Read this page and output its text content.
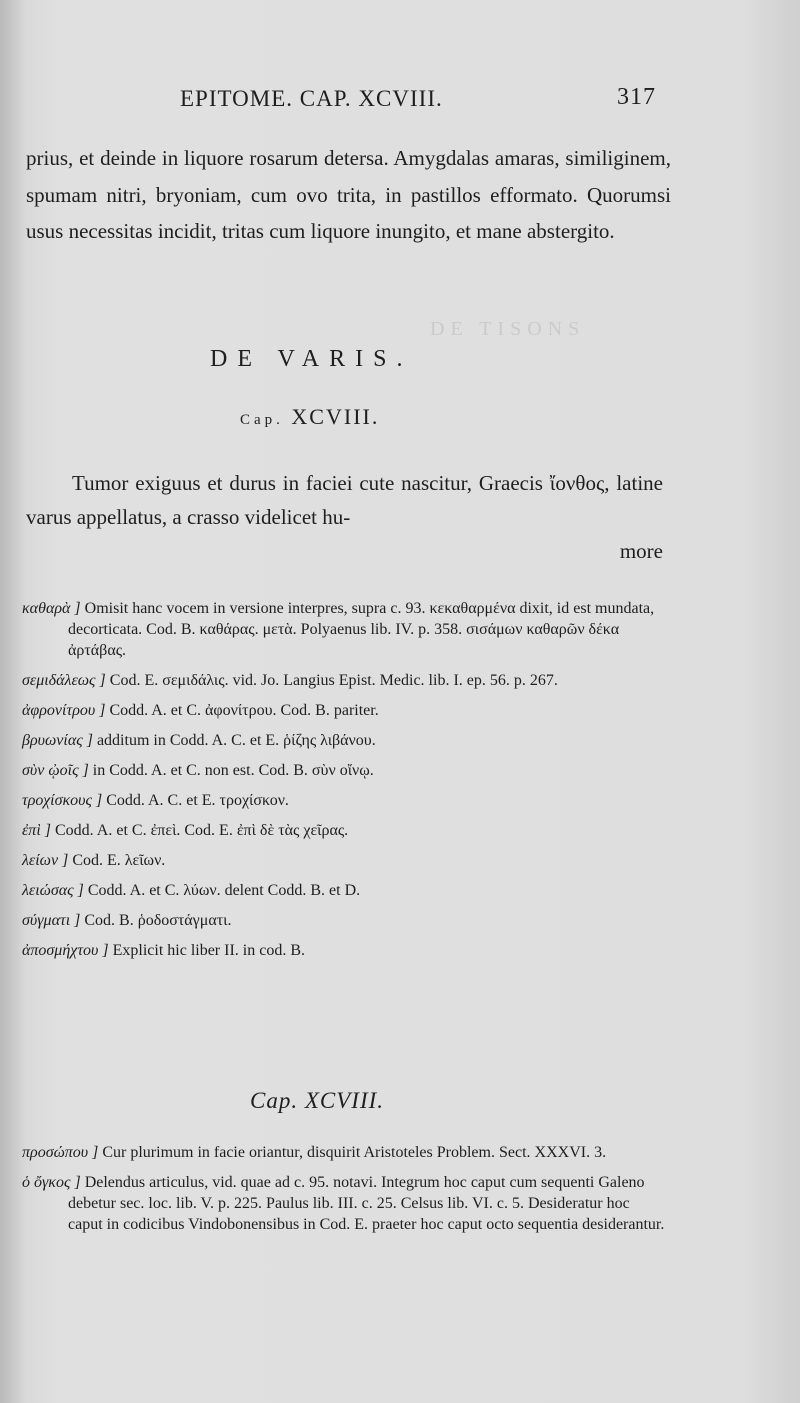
DE TISONS
EPITOME. CAP. XCVIII.	317
prius, et deinde in liquore rosarum detersa. Amygdalas amaras, similiginem, spumam nitri, bryoniam, cum ovo trita, in pastillos efformato. Quorumsi usus necessitas incidit, tritas cum liquore inungito, et mane abstergito.
DE VARIS.
Cap. XCVIII.
Tumor exiguus et durus in faciei cute nascitur, Graecis ἴονθος, latine varus appellatus, a crasso videlicet hu-
more
καθαρὰ ] Omisit hanc vocem in versione interpres, supra c. 93. κεκαθαρμένα dixit, id est mundata, decorticata. Cod. B. καθάρας. μετὰ. Polyaenus lib. IV. p. 358. σισάμων καθαρῶν δέκα ἀρτάβας.
σεμιδάλεως ] Cod. E. σεμιδάλις. vid. Jo. Langius Epist. Medic. lib. I. ep. 56. p. 267.
ἀφρονίτρου ] Codd. A. et C. ἀφονίτρου. Cod. B. pariter.
βρυωνίας ] additum in Codd. A. C. et E. ῥίζης λιβάνου.
σὺν ᾠοῖς ] in Codd. A. et C. non est. Cod. B. σὺν οἴνῳ.
τροχίσκους ] Codd. A. C. et E. τροχίσκον.
ἐπὶ ] Codd. A. et C. ἐπεὶ. Cod. E. ἐπὶ δὲ τὰς χεῖρας.
λείων ] Cod. E. λεῖων.
λειώσας ] Codd. A. et C. λύων. delent Codd. B. et D.
σύγματι ] Cod. B. ῥοδοστάγματι.
ἀποσμήχτου ] Explicit hic liber II. in cod. B.
Cap. XCVIII.
προσώπου ] Cur plurimum in facie oriantur, disquirit Aristoteles Problem. Sect. XXXVI. 3.
ὁ ὄγκος ] Delendus articulus, vid. quae ad c. 95. notavi. Integrum hoc caput cum sequenti Galeno debetur sec. loc. lib. V. p. 225. Paulus lib. III. c. 25. Celsus lib. VI. c. 5. Desideratur hoc caput in codicibus Vindobonensibus in Cod. E. praeter hoc caput octo sequentia desiderantur.
